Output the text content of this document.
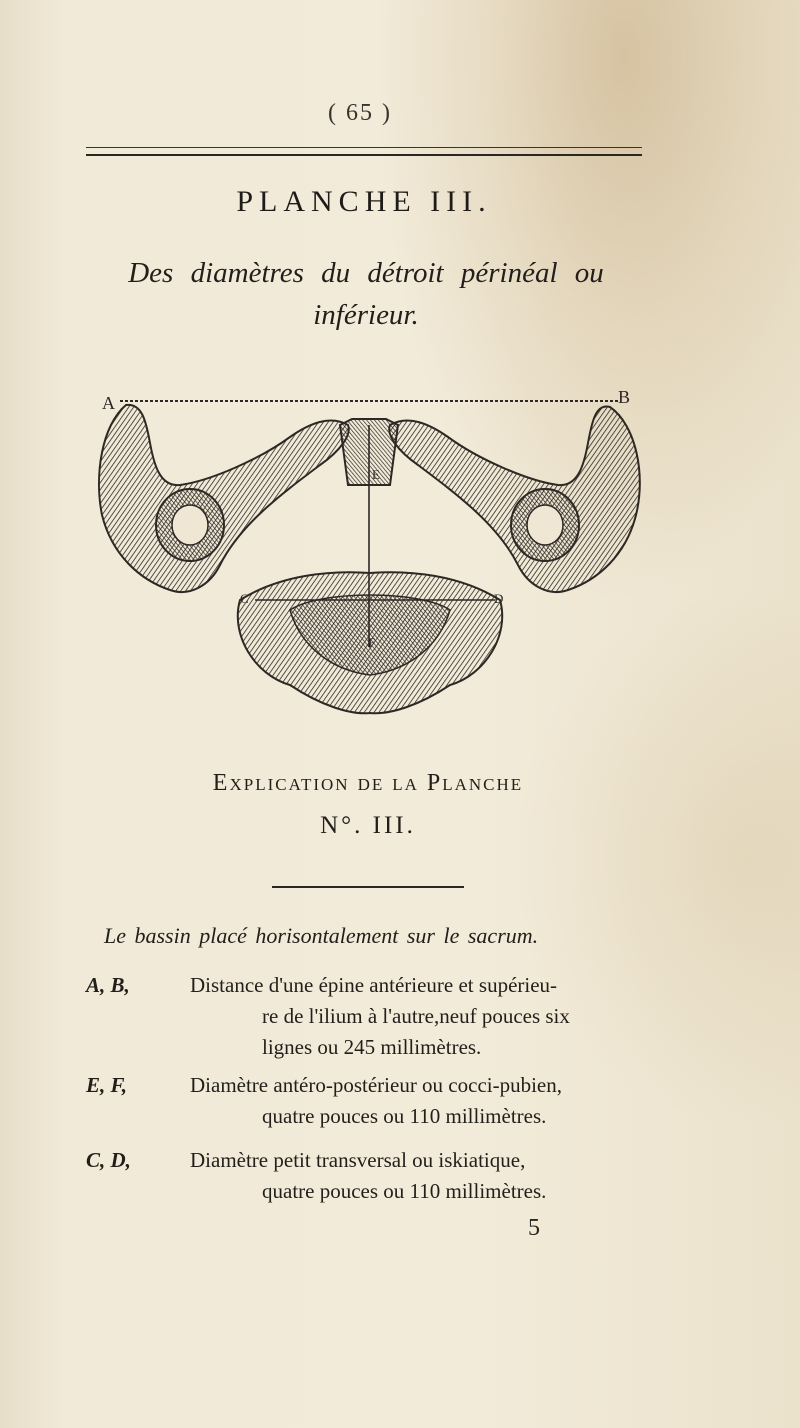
( 65 )
PLANCHE III.
Des diamètres du détroit périnéal ou inférieur.
A	B
E
F
C	D
Explication de la Planche
N°. III.
Le bassin placé horisontalement sur le sacrum.
A, B,	Distance d'une épine antérieure et supérieu-
re de l'ilium à l'autre,neuf pouces six
lignes ou 245 millimètres.
E, F,	Diamètre antéro-postérieur ou cocci-pubien,
quatre pouces ou 110 millimètres.
C, D,	Diamètre petit transversal ou iskiatique,
quatre pouces ou 110 millimètres.
5
